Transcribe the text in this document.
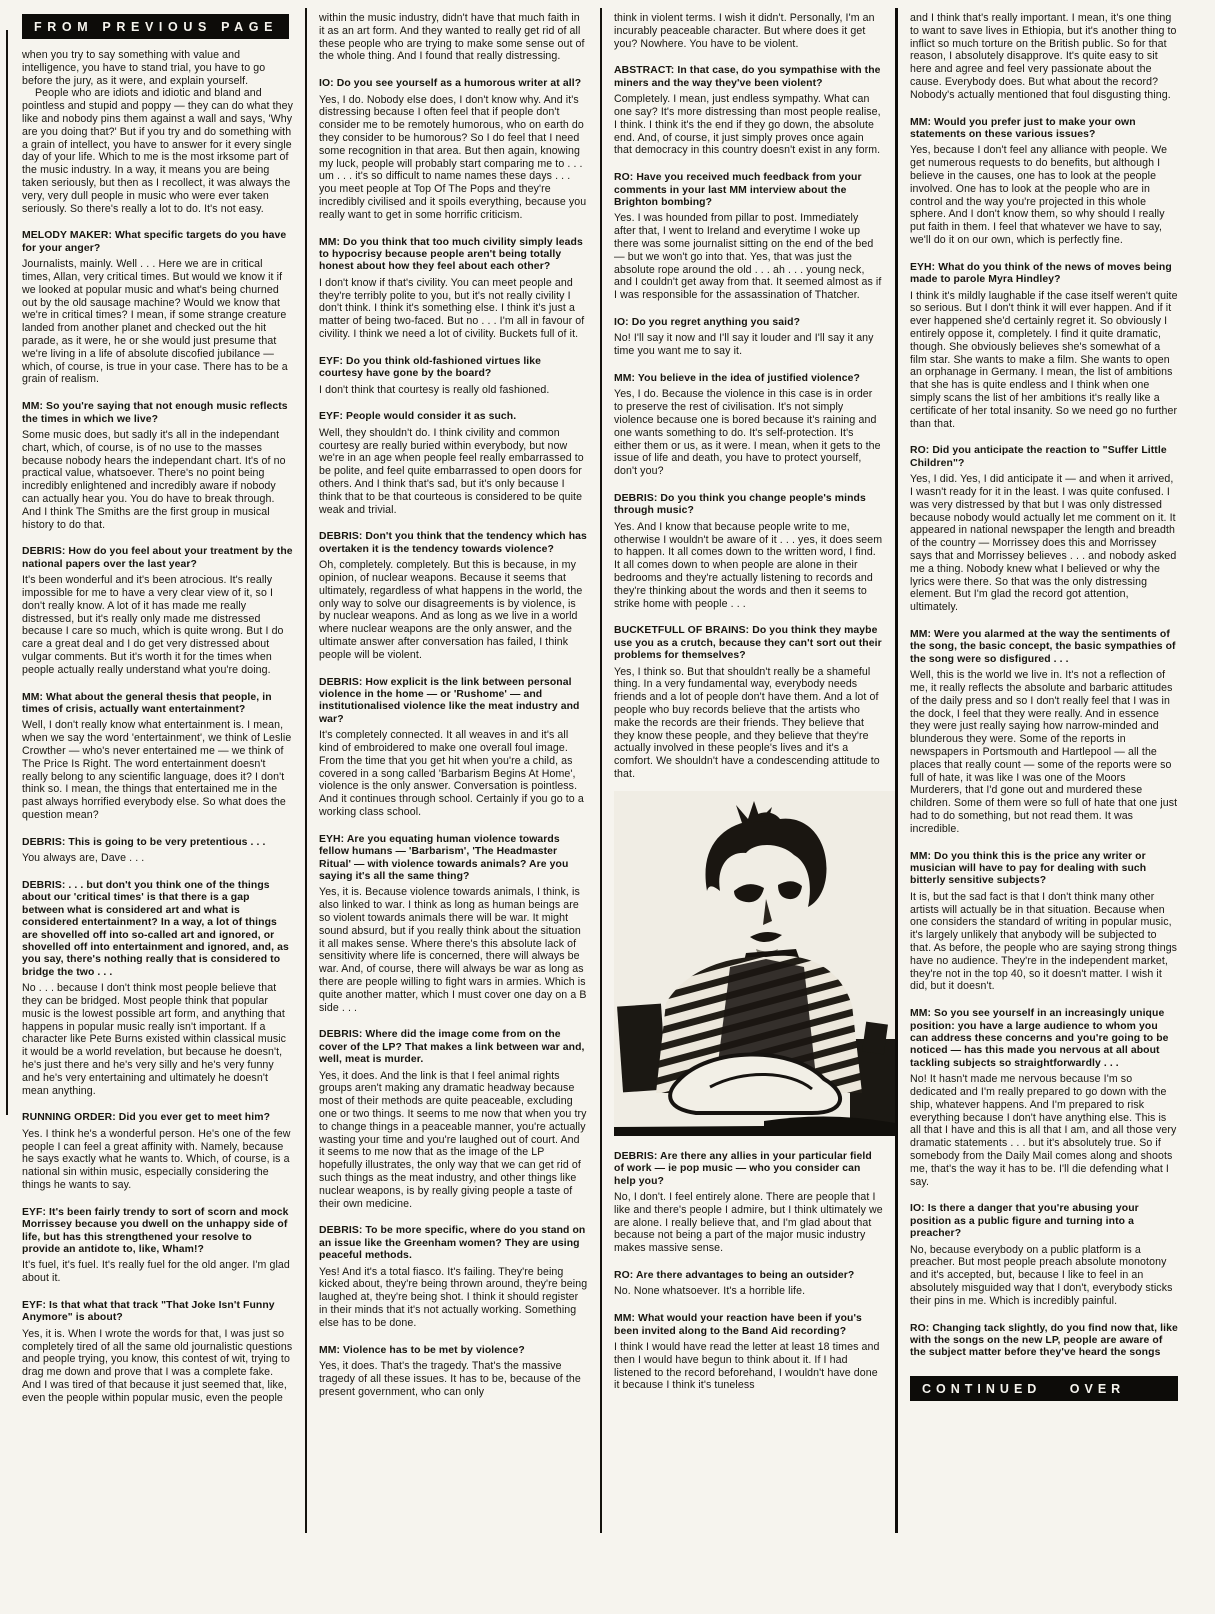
FROM PREVIOUS PAGE

when you try to say something with value and intelligence, you have to stand trial, you have to go before the jury, as it were, and explain yourself.

People who are idiots and idiotic and bland and pointless and stupid and poppy — they can do what they like and nobody pins them against a wall and says, 'Why are you doing that?' But if you try and do something with a grain of intellect, you have to answer for it every single day of your life. Which to me is the most irksome part of the music industry. In a way, it means you are being taken seriously, but then as I recollect, it was always the very, very dull people in music who were ever taken seriously. So there's really a lot to do. It's not easy.

MELODY MAKER: What specific targets do you have for your anger?

Journalists, mainly. Well . . . Here we are in critical times, Allan, very critical times. But would we know it if we looked at popular music and what's being churned out by the old sausage machine? Would we know that we're in critical times? I mean, if some strange creature landed from another planet and checked out the hit parade, as it were, he or she would just presume that we're living in a life of absolute discofied jubilance — which, of course, is true in your case. There has to be a grain of realism.

MM: So you're saying that not enough music reflects the times in which we live?

Some music does, but sadly it's all in the independant chart, which, of course, is of no use to the masses because nobody hears the independant chart. It's of no practical value, whatsoever. There's no point being incredibly enlightened and incredibly aware if nobody can actually hear you. You do have to break through. And I think The Smiths are the first group in musical history to do that.

DEBRIS: How do you feel about your treatment by the national papers over the last year?

It's been wonderful and it's been atrocious. It's really impossible for me to have a very clear view of it, so I don't really know. A lot of it has made me really distressed, but it's really only made me distressed because I care so much, which is quite wrong. But I do care a great deal and I do get very distressed about vulgar comments. But it's worth it for the times when people actually really understand what you're doing.

MM: What about the general thesis that people, in times of crisis, actually want entertainment?

Well, I don't really know what entertainment is. I mean, when we say the word 'entertainment', we think of Leslie Crowther — who's never entertained me — we think of The Price Is Right. The word entertainment doesn't really belong to any scientific language, does it? I don't think so. I mean, the things that entertained me in the past always horrified everybody else. So what does the question mean?

DEBRIS: This is going to be very pretentious . . .

You always are, Dave . . .

DEBRIS: . . . but don't you think one of the things about our 'critical times' is that there is a gap between what is considered art and what is considered entertainment? In a way, a lot of things are shovelled off into so-called art and ignored, or shovelled off into entertainment and ignored, and, as you say, there's nothing really that is considered to bridge the two . . .

No . . . because I don't think most people believe that they can be bridged. Most people think that popular music is the lowest possible art form, and anything that happens in popular music really isn't important. If a character like Pete Burns existed within classical music it would be a world revelation, but because he doesn't, he's just there and he's very silly and he's very funny and he's very entertaining and ultimately he doesn't mean anything.

RUNNING ORDER: Did you ever get to meet him?

Yes. I think he's a wonderful person. He's one of the few people I can feel a great affinity with. Namely, because he says exactly what he wants to. Which, of course, is a national sin within music, especially considering the things he wants to say.

EYF: It's been fairly trendy to sort of scorn and mock Morrissey because you dwell on the unhappy side of life, but has this strengthened your resolve to provide an antidote to, like, Wham!?

It's fuel, it's fuel. It's really fuel for the old anger. I'm glad about it.

EYF: Is that what that track "That Joke Isn't Funny Anymore" is about?

Yes, it is. When I wrote the words for that, I was just so completely tired of all the same old journalistic questions and people trying, you know, this contest of wit, trying to drag me down and prove that I was a complete fake. And I was tired of that because it just seemed that, like, even the people within popular music, even the people

within the music industry, didn't have that much faith in it as an art form. And they wanted to really get rid of all these people who are trying to make some sense out of the whole thing. And I found that really distressing.

IO: Do you see yourself as a humorous writer at all?

Yes, I do. Nobody else does, I don't know why. And it's distressing because I often feel that if people don't consider me to be remotely humorous, who on earth do they consider to be humorous? So I do feel that I need some recognition in that area. But then again, knowing my luck, people will probably start comparing me to . . . um . . . it's so difficult to name names these days . . . you meet people at Top Of The Pops and they're incredibly civilised and it spoils everything, because you really want to get in some horrific criticism.

MM: Do you think that too much civility simply leads to hypocrisy because people aren't being totally honest about how they feel about each other?

I don't know if that's civility. You can meet people and they're terribly polite to you, but it's not really civility I don't think. I think it's something else. I think it's just a matter of being two-faced. But no . . . I'm all in favour of civility. I think we need a lot of civility. Buckets full of it.

EYF: Do you think old-fashioned virtues like courtesy have gone by the board?

I don't think that courtesy is really old fashioned.

EYF: People would consider it as such.

Well, they shouldn't do. I think civility and common courtesy are really buried within everybody, but now we're in an age when people feel really embarrassed to be polite, and feel quite embarrassed to open doors for others. And I think that's sad, but it's only because I think that to be that courteous is considered to be quite weak and trivial.

DEBRIS: Don't you think that the tendency which has overtaken it is the tendency towards violence?

Oh, completely. completely. But this is because, in my opinion, of nuclear weapons. Because it seems that ultimately, regardless of what happens in the world, the only way to solve our disagreements is by violence, is by nuclear weapons. And as long as we live in a world where nuclear weapons are the only answer, and the ultimate answer after conversation has failed, I think people will be violent.

DEBRIS: How explicit is the link between personal violence in the home — or 'Rushome' — and institutionalised violence like the meat industry and war?

It's completely connected. It all weaves in and it's all kind of embroidered to make one overall foul image. From the time that you get hit when you're a child, as covered in a song called 'Barbarism Begins At Home', violence is the only answer. Conversation is pointless. And it continues through school. Certainly if you go to a working class school.

EYH: Are you equating human violence towards fellow humans — 'Barbarism', 'The Headmaster Ritual' — with violence towards animals? Are you saying it's all the same thing?

Yes, it is. Because violence towards animals, I think, is also linked to war. I think as long as human beings are so violent towards animals there will be war. It might sound absurd, but if you really think about the situation it all makes sense. Where there's this absolute lack of sensitivity where life is concerned, there will always be war. And, of course, there will always be war as long as there are people willing to fight wars in armies. Which is quite another matter, which I must cover one day on a B side . . .

DEBRIS: Where did the image come from on the cover of the LP? That makes a link between war and, well, meat is murder.

Yes, it does. And the link is that I feel animal rights groups aren't making any dramatic headway because most of their methods are quite peaceable, excluding one or two things. It seems to me now that when you try to change things in a peaceable manner, you're actually wasting your time and you're laughed out of court. And it seems to me now that as the image of the LP hopefully illustrates, the only way that we can get rid of such things as the meat industry, and other things like nuclear weapons, is by really giving people a taste of their own medicine.

DEBRIS: To be more specific, where do you stand on an issue like the Greenham women? They are using peaceful methods.

Yes! And it's a total fiasco. It's failing. They're being kicked about, they're being thrown around, they're being laughed at, they're being shot. I think it should register in their minds that it's not actually working. Something else has to be done.

MM: Violence has to be met by violence?

Yes, it does. That's the tragedy. That's the massive tragedy of all these issues. It has to be, because of the present government, who can only

think in violent terms. I wish it didn't. Personally, I'm an incurably peaceable character. But where does it get you? Nowhere. You have to be violent.

ABSTRACT: In that case, do you sympathise with the miners and the way they've been violent?

Completely. I mean, just endless sympathy. What can one say? It's more distressing than most people realise, I think. I think it's the end if they go down, the absolute end. And, of course, it just simply proves once again that democracy in this country doesn't exist in any form.

RO: Have you received much feedback from your comments in your last MM interview about the Brighton bombing?

Yes. I was hounded from pillar to post. Immediately after that, I went to Ireland and everytime I woke up there was some journalist sitting on the end of the bed — but we won't go into that. Yes, that was just the absolute rope around the old . . . ah . . . young neck, and I couldn't get away from that. It seemed almost as if I was responsible for the assassination of Thatcher.

IO: Do you regret anything you said?

No! I'll say it now and I'll say it louder and I'll say it any time you want me to say it.

MM: You believe in the idea of justified violence?

Yes, I do. Because the violence in this case is in order to preserve the rest of civilisation. It's not simply violence because one is bored because it's raining and one wants something to do. It's self-protection. It's either them or us, as it were. I mean, when it gets to the issue of life and death, you have to protect yourself, don't you?

DEBRIS: Do you think you change people's minds through music?

Yes. And I know that because people write to me, otherwise I wouldn't be aware of it . . . yes, it does seem to happen. It all comes down to the written word, I find. It all comes down to when people are alone in their bedrooms and they're actually listening to records and they're thinking about the words and then it seems to strike home with people . . .

BUCKETFULL OF BRAINS: Do you think they maybe use you as a crutch, because they can't sort out their problems for themselves?

Yes, I think so. But that shouldn't really be a shameful thing. In a very fundamental way, everybody needs friends and a lot of people don't have them. And a lot of people who buy records believe that the artists who make the records are their friends. They believe that they know these people, and they believe that they're actually involved in these people's lives and it's a comfort. We shouldn't have a condescending attitude to that.

DEBRIS: Are there any allies in your particular field of work — ie pop music — who you consider can help you?

No, I don't. I feel entirely alone. There are people that I like and there's people I admire, but I think ultimately we are alone. I really believe that, and I'm glad about that because not being a part of the major music industry makes massive sense.

RO: Are there advantages to being an outsider?

No. None whatsoever. It's a horrible life.

MM: What would your reaction have been if you's been invited along to the Band Aid recording?

I think I would have read the letter at least 18 times and then I would have begun to think about it. If I had listened to the record beforehand, I wouldn't have done it because I think it's tuneless

and I think that's really important. I mean, it's one thing to want to save lives in Ethiopia, but it's another thing to inflict so much torture on the British public. So for that reason, I absolutely disapprove. It's quite easy to sit here and agree and feel very passionate about the cause. Everybody does. But what about the record? Nobody's actually mentioned that foul disgusting thing.

MM: Would you prefer just to make your own statements on these various issues?

Yes, because I don't feel any alliance with people. We get numerous requests to do benefits, but although I believe in the causes, one has to look at the people involved. One has to look at the people who are in control and the way you're projected in this whole sphere. And I don't know them, so why should I really put faith in them. I feel that whatever we have to say, we'll do it on our own, which is perfectly fine.

EYH: What do you think of the news of moves being made to parole Myra Hindley?

I think it's mildly laughable if the case itself weren't quite so serious. But I don't think it will ever happen. And if it ever happened she'd certainly regret it. So obviously I entirely oppose it, completely. I find it quite dramatic, though. She obviously believes she's somewhat of a film star. She wants to make a film. She wants to open an orphanage in Germany. I mean, the list of ambitions that she has is quite endless and I think when one simply scans the list of her ambitions it's really like a certificate of her total insanity. So we need go no further than that.

RO: Did you anticipate the reaction to "Suffer Little Children"?

Yes, I did. Yes, I did anticipate it — and when it arrived, I wasn't ready for it in the least. I was quite confused. I was very distressed by that but I was only distressed because nobody would actually let me comment on it. It appeared in national newspaper the length and breadth of the country — Morrissey does this and Morrissey says that and Morrissey believes . . . and nobody asked me a thing. Nobody knew what I believed or why the lyrics were there. So that was the only distressing element. But I'm glad the record got attention, ultimately.

MM: Were you alarmed at the way the sentiments of the song, the basic concept, the basic sympathies of the song were so disfigured . . .

Well, this is the world we live in. It's not a reflection of me, it really reflects the absolute and barbaric attitudes of the daily press and so I don't really feel that I was in the dock, I feel that they were really. And in essence they were just really saying how narrow-minded and blunderous they were. Some of the reports in newspapers in Portsmouth and Hartlepool — all the places that really count — some of the reports were so full of hate, it was like I was one of the Moors Murderers, that I'd gone out and murdered these children. Some of them were so full of hate that one just had to do something, but not read them. It was incredible.

MM: Do you think this is the price any writer or musician will have to pay for dealing with such bitterly sensitive subjects?

It is, but the sad fact is that I don't think many other artists will actually be in that situation. Because when one considers the standard of writing in popular music, it's largely unlikely that anybody will be subjected to that. As before, the people who are saying strong things have no audience. They're in the independent market, they're not in the top 40, so it doesn't matter. I wish it did, but it doesn't.

MM: So you see yourself in an increasingly unique position: you have a large audience to whom you can address these concerns and you're going to be noticed — has this made you nervous at all about tackling subjects so straightforwardly . . .

No! It hasn't made me nervous because I'm so dedicated and I'm really prepared to go down with the ship, whatever happens. And I'm prepared to risk everything because I don't have anything else. This is all that I have and this is all that I am, and all those very dramatic statements . . . but it's absolutely true. So if somebody from the Daily Mail comes along and shoots me, that's the way it has to be. I'll die defending what I say.

IO: Is there a danger that you're abusing your position as a public figure and turning into a preacher?

No, because everybody on a public platform is a preacher. But most people preach absolute monotony and it's accepted, but, because I like to feel in an absolutely misguided way that I don't, everybody sticks their pins in me. Which is incredibly painful.

RO: Changing tack slightly, do you find now that, like with the songs on the new LP, people are aware of the subject matter before they've heard the songs

CONTINUED OVER
